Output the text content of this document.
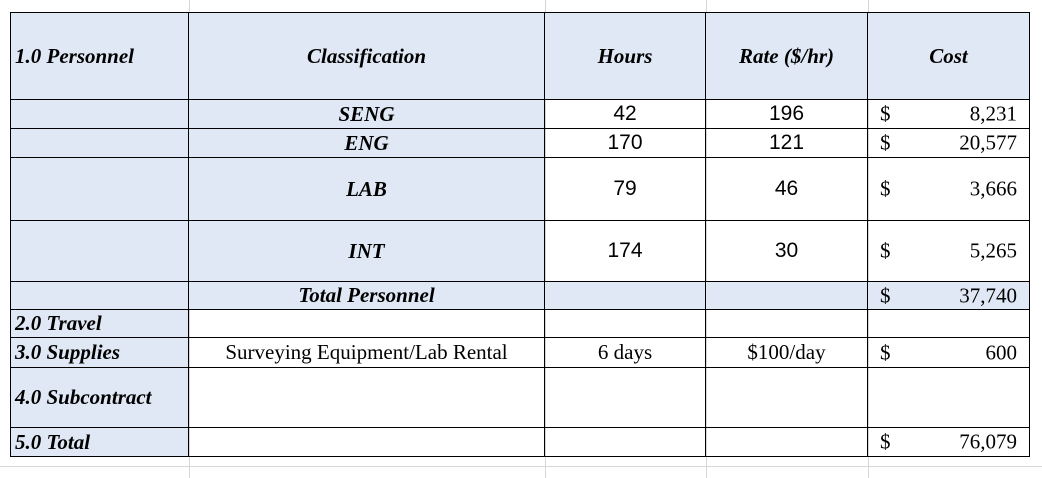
1.0 Personnel	Classification	Hours	Rate ($/hr)	Cost
	SENG	42	196	$ 8,231

	ENG	170	121	$ 20,577

	LAB	79	46	$ 3,666

	INT	174	30	$ 5,265

	Total Personnel			$ 37,740

2.0 Travel				
3.0 Supplies	Surveying Equipment/Lab Rental	6 days	$100/day	$ 600

4.0 Subcontract				
5.0 Total				$ 76,079
